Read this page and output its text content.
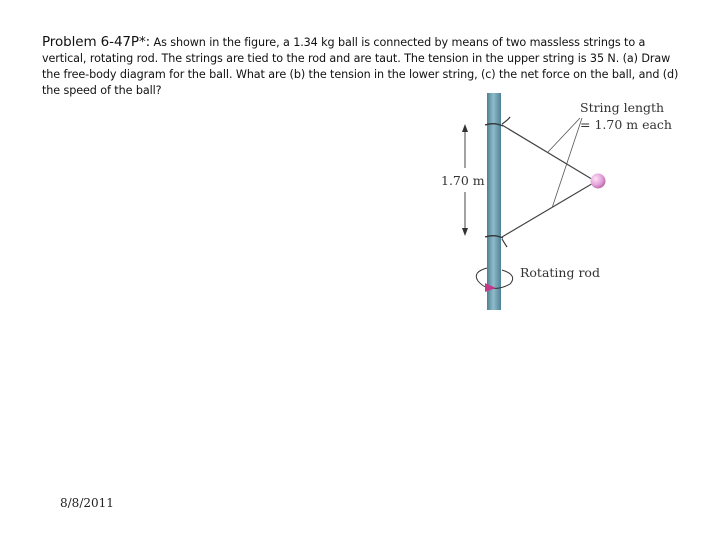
Problem 6-47P*: As shown in the figure, a 1.34 kg ball is connected by means of two massless strings to a vertical, rotating rod. The strings are tied to the rod and are taut. The tension in the upper string is 35 N. (a) Draw the free-body diagram for the ball. What are (b) the tension in the lower string, (c) the net force on the ball, and (d) the speed of the ball?
String length
= 1.70 m each
1.70 m
Rotating rod
8/8/2011
